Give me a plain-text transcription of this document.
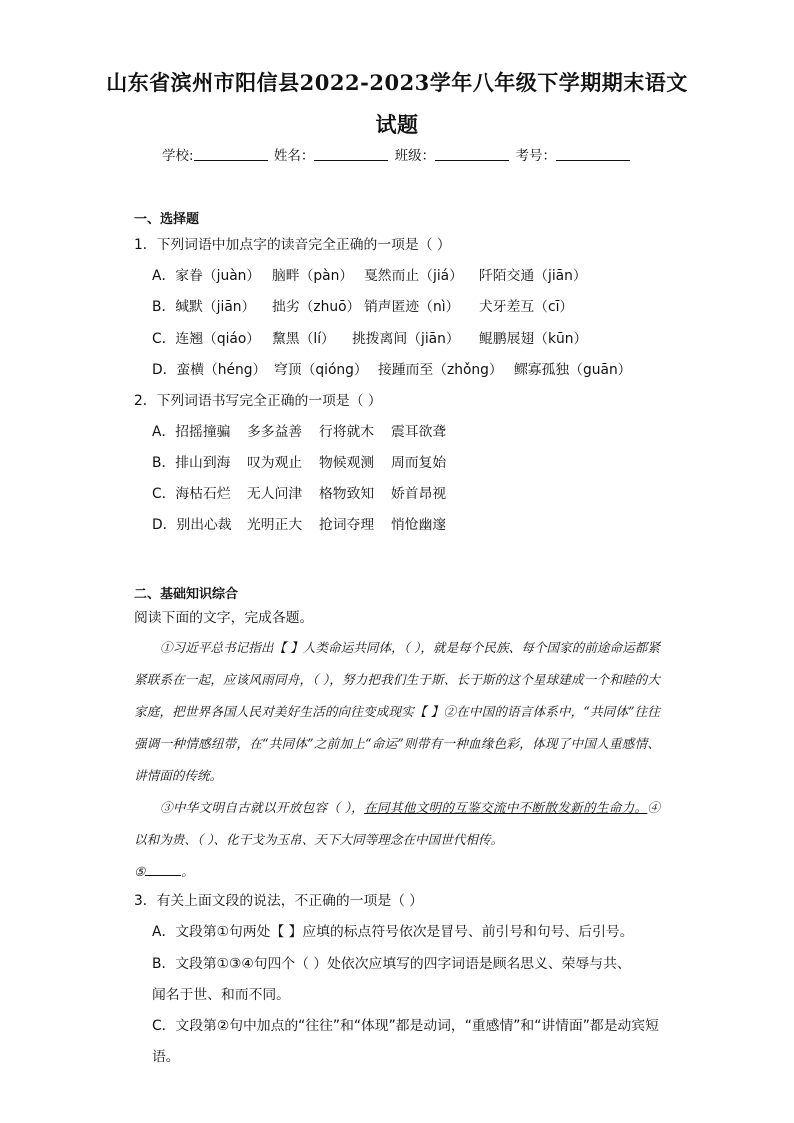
山东省滨州市阳信县2022-2023学年八年级下学期期末语文
试题
学校:	姓名：	班级：	考号：
一、选择题
1．下列词语中加点字的读音完全正确的一项是（ ）
A．家眷（juàn） 脑畔（pàn） 戛然而止（jiá） 阡陌交通（jiān）
B．缄默（jiān） 拙劣（zhuō） 销声匿迹（nì） 犬牙差互（cī）
C．连翘（qiáo） 黧黑（lí） 挑拨离间（jiān） 鲲鹏展翅（kūn）
D．蛮横（héng） 穹顶（qióng） 接踵而至（zhǒng） 鳏寡孤独（guān）
2．下列词语书写完全正确的一项是（ ）
A．招摇撞骗 多多益善 行将就木 震耳欲聋
B．排山到海 叹为观止 物候观测 周而复始
C．海枯石烂 无人问津 格物致知 娇首昂视
D．别出心裁 光明正大 抢词夺理 悄怆幽邃
二、基础知识综合
阅读下面的文字，完成各题。

①习近平总书记指出【 】人类命运共同体，（ ），就是每个民族、每个国家的前途命运都紧紧联系在一起，应该风雨同舟，（ ），努力把我们生于斯、长于斯的这个星球建成一个和睦的大家庭，把世界各国人民对美好生活的向往变成现实【 】②在中国的语言体系中，“共同体”往往强调一种情感纽带，在“共同体”之前加上“命运”则带有一种血缘色彩，体现了中国人重感情、讲情面的传统。

③中华文明自古就以开放包容（ ），在同其他文明的互鉴交流中不断散发新的生命力。④以和为贵、（ ）、化干戈为玉帛、天下大同等理念在中国世代相传。

⑤	。

3．有关上面文段的说法，不正确的一项是（ ）
A．文段第①句两处【 】应填的标点符号依次是冒号、前引号和句号、后引号。
B．文段第①③④句四个（ ）处依次应填写的四字词语是顾名思义、荣辱与共、
闻名于世、和而不同。
C．文段第②句中加点的“往往”和“体现”都是动词，“重感情”和“讲情面”都是动宾短
语。
